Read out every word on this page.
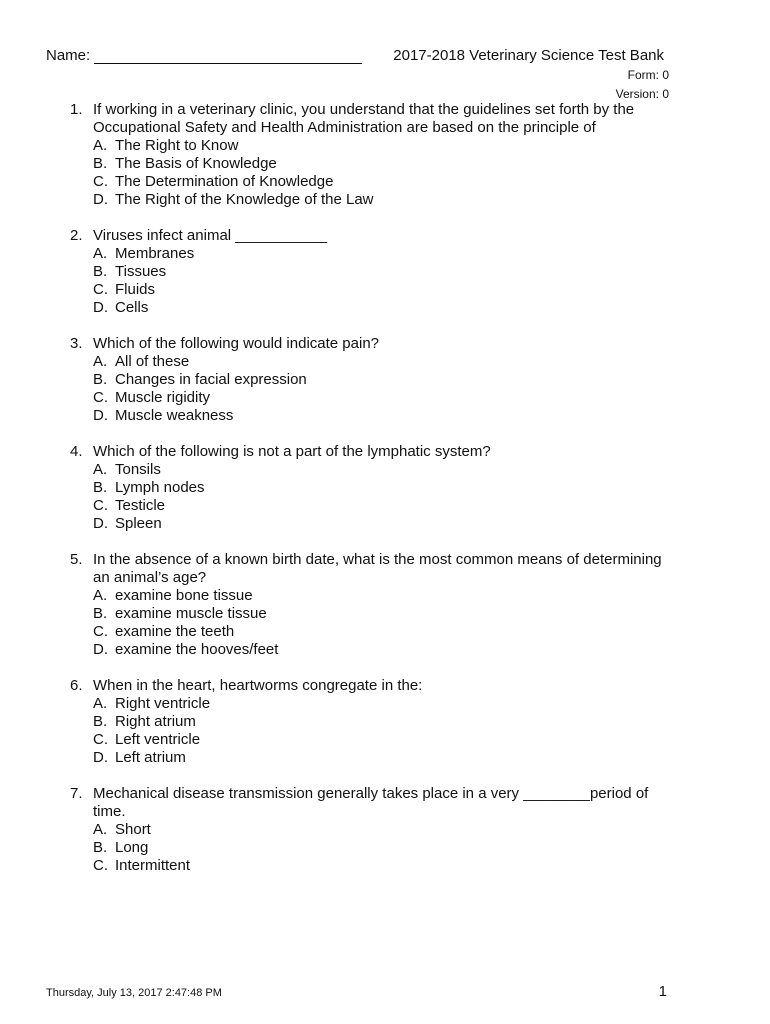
Name:	2017-2018 Veterinary Science Test Bank
Form: 0
Version: 0
1. If working in a veterinary clinic, you understand that the guidelines set forth by the Occupational Safety and Health Administration are based on the principle of
A. The Right to Know
B. The Basis of Knowledge
C. The Determination of Knowledge
D. The Right of the Knowledge of the Law
2. Viruses infect animal ___________
A. Membranes
B. Tissues
C. Fluids
D. Cells
3. Which of the following would indicate pain?
A. All of these
B. Changes in facial expression
C. Muscle rigidity
D. Muscle weakness
4. Which of the following is not a part of the lymphatic system?
A. Tonsils
B. Lymph nodes
C. Testicle
D. Spleen
5. In the absence of a known birth date, what is the most common means of determining an animal’s age?
A. examine bone tissue
B. examine muscle tissue
C. examine the teeth
D. examine the hooves/feet
6. When in the heart, heartworms congregate in the:
A. Right ventricle
B. Right atrium
C. Left ventricle
D. Left atrium
7. Mechanical disease transmission generally takes place in a very ________period of time.
A. Short
B. Long
C. Intermittent
Thursday, July 13, 2017 2:47:48 PM	1
